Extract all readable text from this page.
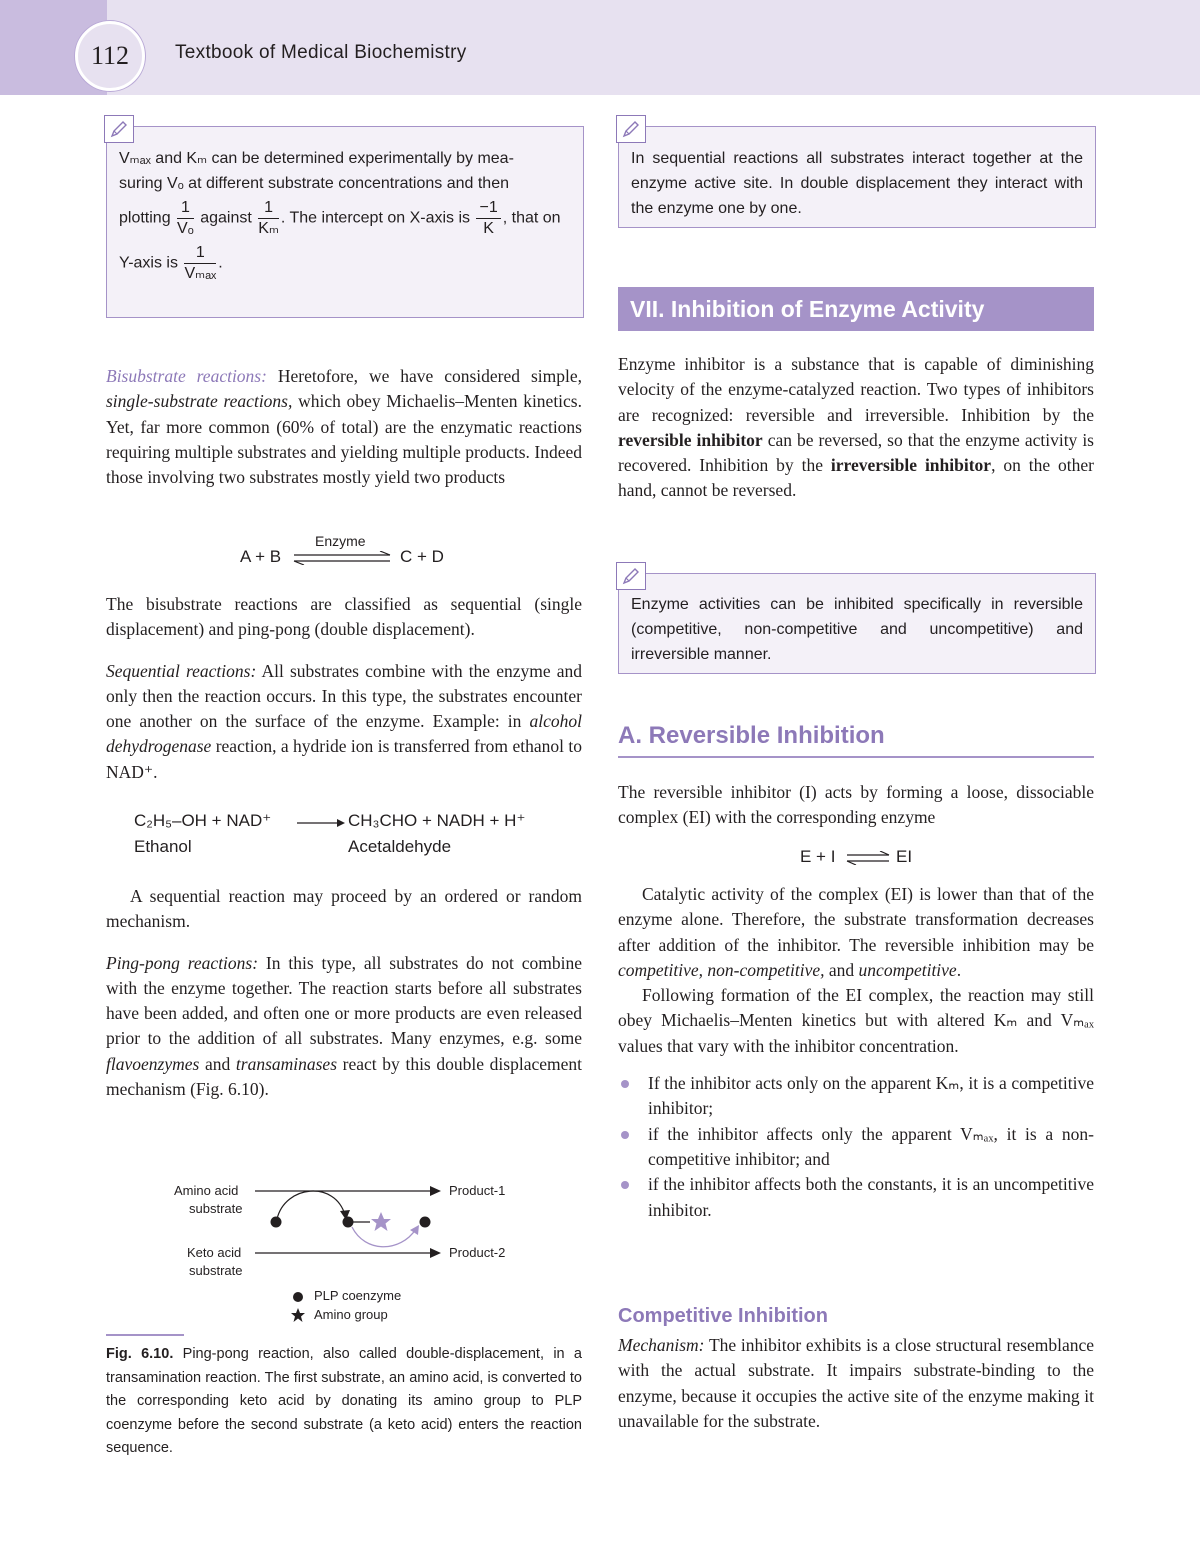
112	Textbook of Medical Biochemistry
Vₘₐₓ and Kₘ can be determined experimentally by mea-
suring Vₒ at different substrate concentrations and then
plotting $\frac{1}{\text{Vₒ}}$ against $\frac{1}{\text{Kₘ}}$ . The intercept on X-axis is $\frac{-1}{K}$ , that on
Y-axis is $\frac{1}{\text{Vₘₐₓ}}$ .
In sequential reactions all substrates interact together at the enzyme active site. In double displacement they interact with the enzyme one by one.
VII. Inhibition of Enzyme Activity
Enzyme activities can be inhibited specifically in reversible (competitive, non-competitive and uncompetitive) and irreversible manner.

Bisubstrate reactions: Heretofore, we have considered simple, single-substrate reactions, which obey Michaelis–Menten kinetics. Yet, far more common (60% of total) are the enzymatic reactions requiring multiple substrates and yielding multiple products. Indeed those involving two substrates mostly yield two products

A + B
Enzyme
C + D

The bisubstrate reactions are classified as sequential (single displacement) and ping-pong (double displacement).

Sequential reactions: All substrates combine with the enzyme and only then the reaction occurs. In this type, the substrates encounter one another on the surface of the enzyme. Example: in alcohol dehydrogenase reaction, a hydride ion is transferred from ethanol to NAD⁺.

C₂H₅–OH + NAD⁺	CH₃CHO + NADH + H⁺
Ethanol	Acetaldehyde

A sequential reaction may proceed by an ordered or random mechanism.

Ping-pong reactions: In this type, all substrates do not combine with the enzyme together. The reaction starts before all substrates have been added, and often one or more products are even released prior to the addition of all substrates. Many enzymes, e.g. some flavoenzymes and transaminases react by this double displacement mechanism (Fig. 6.10).

Amino acid
substrate
Keto acid
substrate
Product-1
Product-2
PLP coenzyme
Amino group
Fig. 6.10. Ping-pong reaction, also called double-displacement, in a transamination reaction. The first substrate, an amino acid, is converted to the corresponding keto acid by donating its amino group to PLP coenzyme before the second substrate (a keto acid) enters the reaction sequence.

Enzyme inhibitor is a substance that is capable of diminishing velocity of the enzyme-catalyzed reaction. Two types of inhibitors are recognized: reversible and irreversible. Inhibition by the reversible inhibitor can be reversed, so that the enzyme activity is recovered. Inhibition by the irreversible inhibitor, on the other hand, cannot be reversed.

A. Reversible Inhibition

The reversible inhibitor (I) acts by forming a loose, dissociable complex (EI) with the corresponding enzyme

E + I ⇌ EI

Catalytic activity of the complex (EI) is lower than that of the enzyme alone. Therefore, the substrate transformation decreases after addition of the inhibitor. The reversible inhibition may be competitive, non-competitive, and uncompetitive.

Following formation of the EI complex, the reaction may still obey Michaelis–Menten kinetics but with altered Kₘ and Vₘₐₓ values that vary with the inhibitor concentration.

If the inhibitor acts only on the apparent Kₘ, it is a competitive inhibitor;
if the inhibitor affects only the apparent Vₘₐₓ, it is a non-competitive inhibitor; and
if the inhibitor affects both the constants, it is an uncompetitive inhibitor.
Competitive Inhibition

Mechanism: The inhibitor exhibits is a close structural resemblance with the actual substrate. It impairs substrate-binding to the enzyme, because it occupies the active site of the enzyme making it unavailable for the substrate.
